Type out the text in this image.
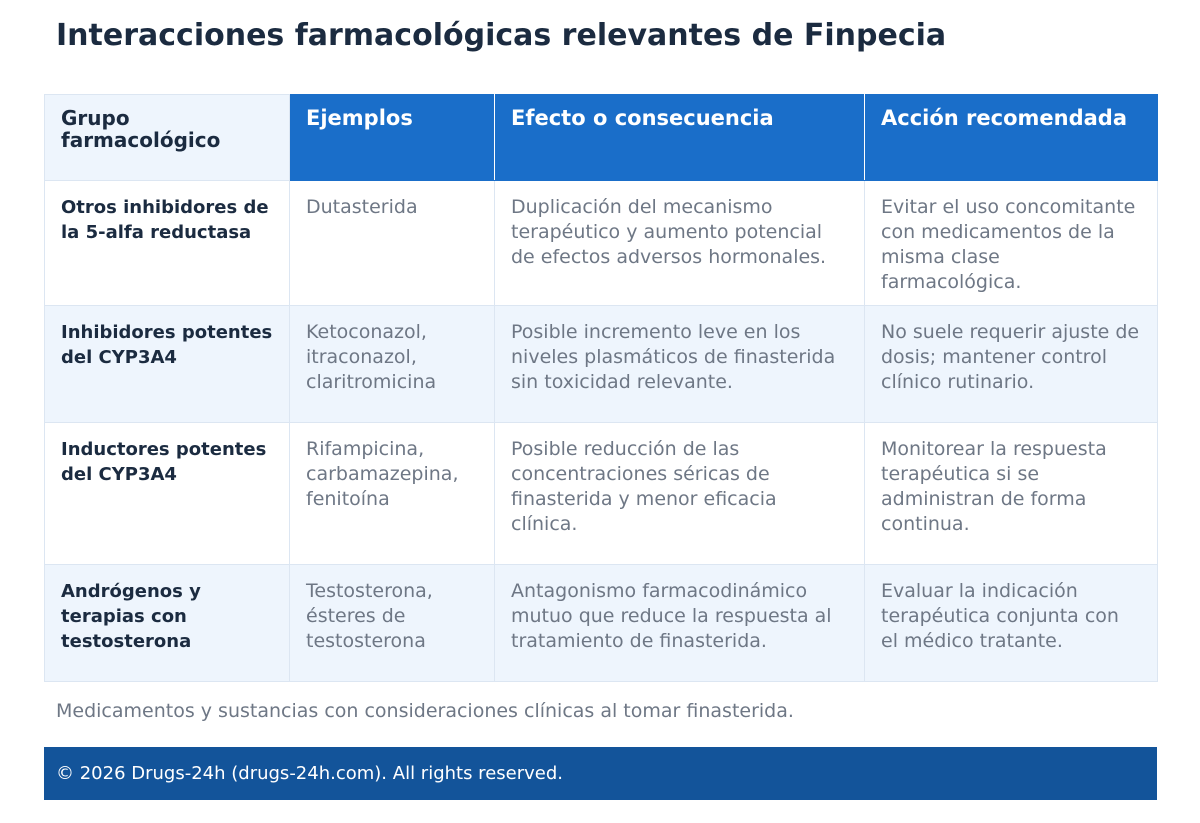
Interacciones farmacológicas relevantes de Finpecia
Grupo farmacológico	Ejemplos	Efecto o consecuencia	Acción recomendada
Otros inhibidores de la 5-alfa reductasa	Dutasterida	Duplicación del mecanismo terapéutico y aumento potencial de efectos adversos hormonales.	Evitar el uso concomitante con medicamentos de la misma clase farmacológica.
Inhibidores potentes del CYP3A4	Ketoconazol, itraconazol, claritromicina	Posible incremento leve en los niveles plasmáticos de finasterida sin toxicidad relevante.	No suele requerir ajuste de dosis; mantener control clínico rutinario.
Inductores potentes del CYP3A4	Rifampicina, carbamazepina, fenitoína	Posible reducción de las concentraciones séricas de finasterida y menor eficacia clínica.	Monitorear la respuesta terapéutica si se administran de forma continua.
Andrógenos y terapias con testosterona	Testosterona, ésteres de testosterona	Antagonismo farmacodinámico mutuo que reduce la respuesta al tratamiento de finasterida.	Evaluar la indicación terapéutica conjunta con el médico tratante.
Medicamentos y sustancias con consideraciones clínicas al tomar finasterida.
© 2026 Drugs-24h (drugs-24h.com). All rights reserved.
